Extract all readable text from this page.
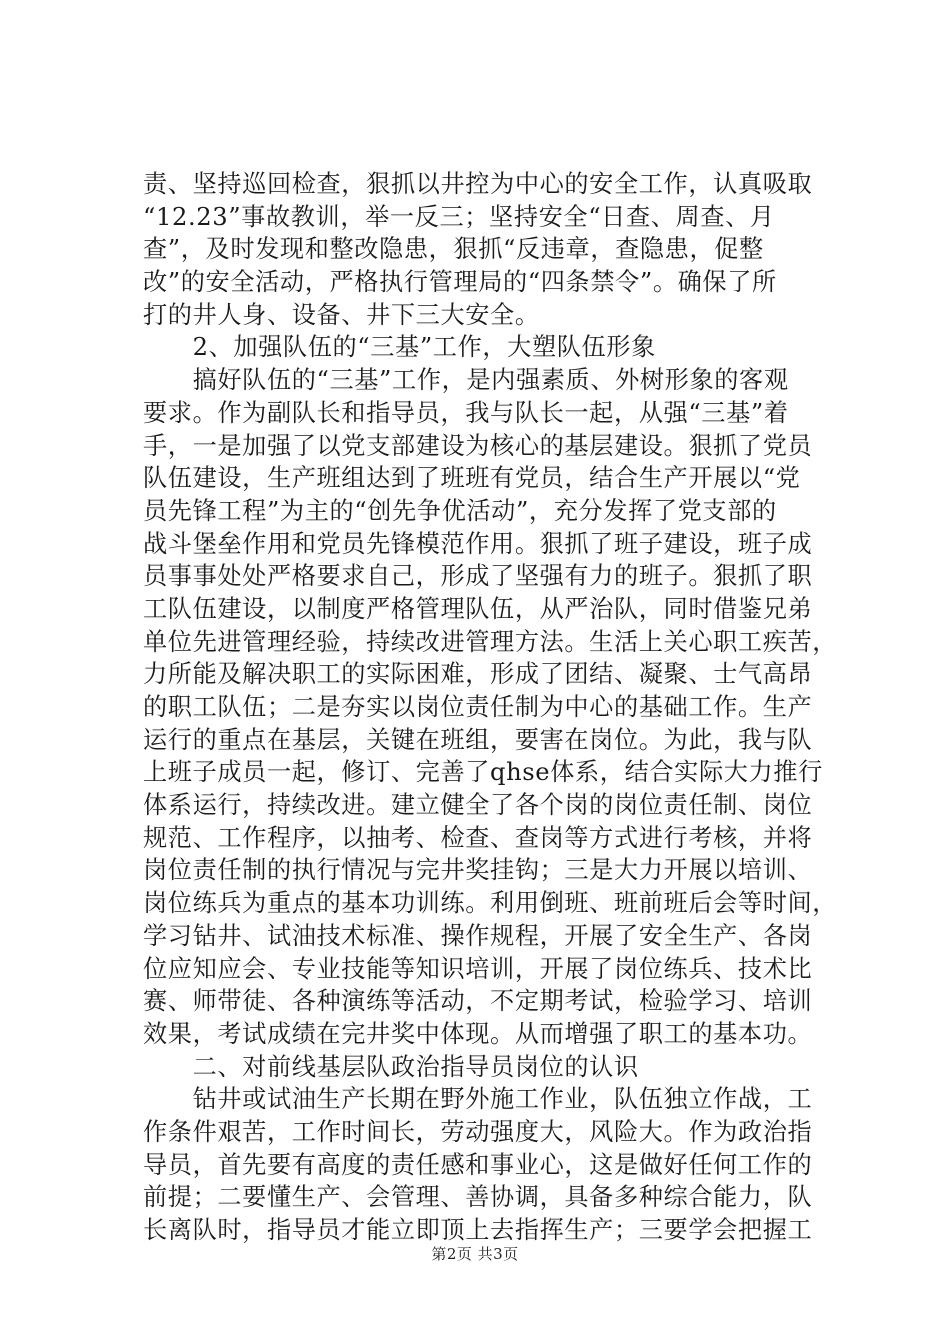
责、坚持巡回检查，狠抓以井控为中心的安全工作，认真吸取
“12.23”事故教训，举一反三；坚持安全“日查、周查、月
查”，及时发现和整改隐患，狠抓“反违章，查隐患，促整
改”的安全活动，严格执行管理局的“四条禁令”。确保了所
打的井人身、设备、井下三大安全。
　　2、加强队伍的“三基”工作，大塑队伍形象
　　搞好队伍的“三基”工作，是内强素质、外树形象的客观
要求。作为副队长和指导员，我与队长一起，从强“三基”着
手，一是加强了以党支部建设为核心的基层建设。狠抓了党员
队伍建设，生产班组达到了班班有党员，结合生产开展以“党
员先锋工程”为主的“创先争优活动”，充分发挥了党支部的
战斗堡垒作用和党员先锋模范作用。狠抓了班子建设，班子成
员事事处处严格要求自己，形成了坚强有力的班子。狠抓了职
工队伍建设，以制度严格管理队伍，从严治队，同时借鉴兄弟
单位先进管理经验，持续改进管理方法。生活上关心职工疾苦，
力所能及解决职工的实际困难，形成了团结、凝聚、士气高昂
的职工队伍；二是夯实以岗位责任制为中心的基础工作。生产
运行的重点在基层，关键在班组，要害在岗位。为此，我与队
上班子成员一起，修订、完善了qhse体系，结合实际大力推行
体系运行，持续改进。建立健全了各个岗的岗位责任制、岗位
规范、工作程序，以抽考、检查、查岗等方式进行考核，并将
岗位责任制的执行情况与完井奖挂钩；三是大力开展以培训、
岗位练兵为重点的基本功训练。利用倒班、班前班后会等时间，
学习钻井、试油技术标准、操作规程，开展了安全生产、各岗
位应知应会、专业技能等知识培训，开展了岗位练兵、技术比
赛、师带徒、各种演练等活动，不定期考试，检验学习、培训
效果，考试成绩在完井奖中体现。从而增强了职工的基本功。
　　二、对前线基层队政治指导员岗位的认识
　　钻井或试油生产长期在野外施工作业，队伍独立作战，工
作条件艰苦，工作时间长，劳动强度大，风险大。作为政治指
导员，首先要有高度的责任感和事业心，这是做好任何工作的
前提；二要懂生产、会管理、善协调，具备多种综合能力，队
长离队时，指导员才能立即顶上去指挥生产；三要学会把握工
第2页 共3页
